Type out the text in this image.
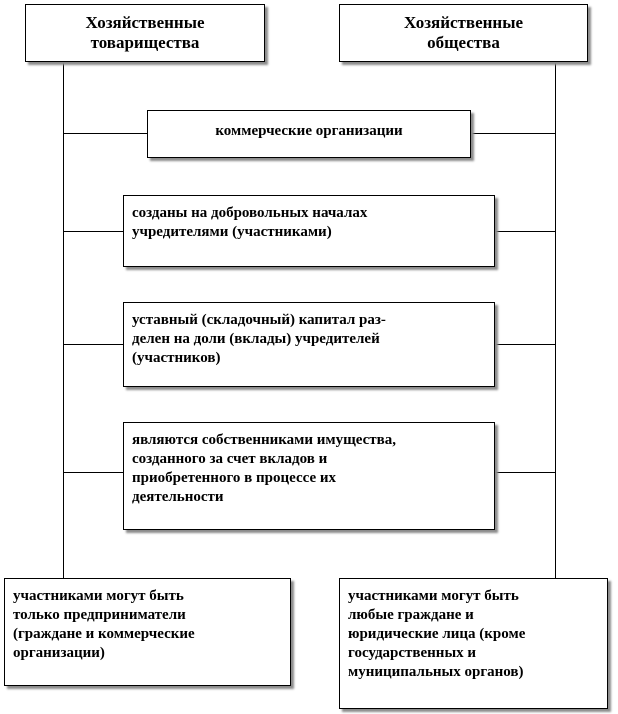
Хозяйственные
товарищества
Хозяйственные
общества
коммерческие организации
созданы на добровольных началах
учредителями (участниками)
уставный (складочный) капитал раз-
делен на доли (вклады) учредителей
(участников)
являются собственниками имущества,
созданного за счет вкладов и
приобретенного в процессе их
деятельности
участниками могут быть
только предприниматели
(граждане и коммерческие
организации)
участниками могут быть
любые граждане и
юридические лица (кроме
государственных и
муниципальных органов)
